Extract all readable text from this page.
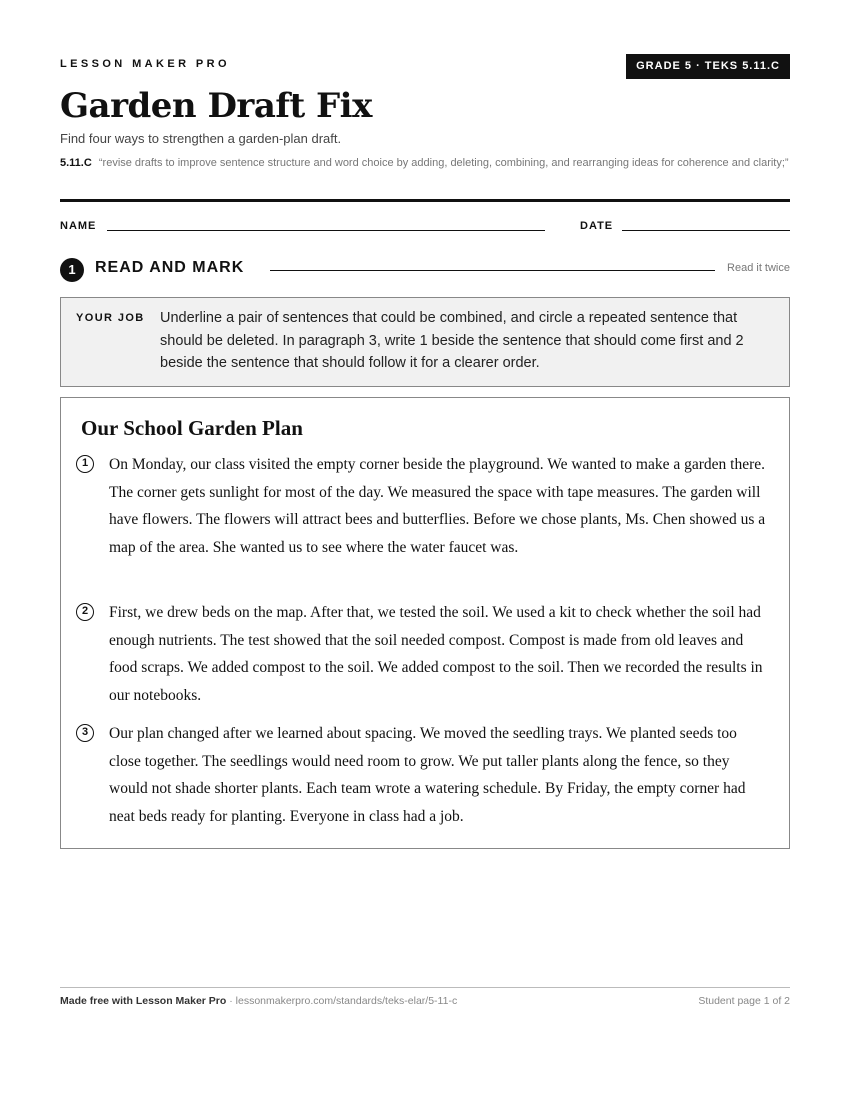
LESSON MAKER PRO	GRADE 5 · TEKS 5.11.C
Garden Draft Fix
Find four ways to strengthen a garden-plan draft.
5.11.C “revise drafts to improve sentence structure and word choice by adding, deleting, combining, and rearranging ideas for coherence and clarity;”
NAME	DATE
1	READ AND MARK	Read it twice
YOUR JOB Underline a pair of sentences that could be combined, and circle a repeated sentence that should be deleted. In paragraph 3, write 1 beside the sentence that should come first and 2 beside the sentence that should follow it for a clearer order.
Our School Garden Plan
1	On Monday, our class visited the empty corner beside the playground. We wanted to make a garden there. The corner gets sunlight for most of the day. We measured the space with tape measures. The garden will have flowers. The flowers will attract bees and butterflies. Before we chose plants, Ms. Chen showed us a map of the area. She wanted us to see where the water faucet was.
2	First, we drew beds on the map. After that, we tested the soil. We used a kit to check whether the soil had enough nutrients. The test showed that the soil needed compost. Compost is made from old leaves and food scraps. We added compost to the soil. We added compost to the soil. Then we recorded the results in our notebooks.
3	Our plan changed after we learned about spacing. We moved the seedling trays. We planted seeds too close together. The seedlings would need room to grow. We put taller plants along the fence, so they would not shade shorter plants. Each team wrote a watering schedule. By Friday, the empty corner had neat beds ready for planting. Everyone in class had a job.
Made free with Lesson Maker Pro · lessonmakerpro.com/standards/teks-elar/5-11-c	Student page 1 of 2
